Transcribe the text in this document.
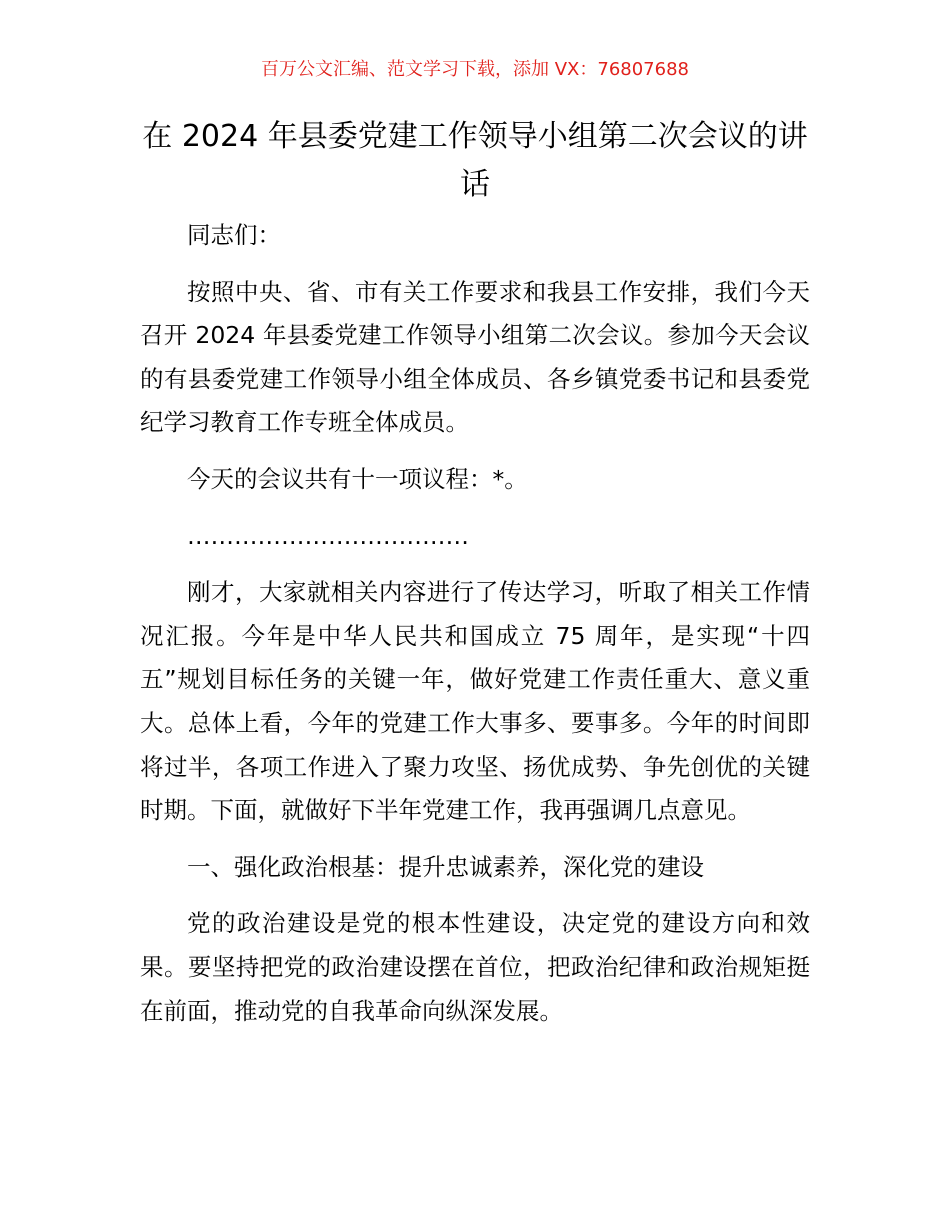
百万公文汇编、范文学习下载，添加 VX：76807688
在 2024 年县委党建工作领导小组第二次会议的讲话

同志们：

按照中央、省、市有关工作要求和我县工作安排，我们今天召开 2024 年县委党建工作领导小组第二次会议。参加今天会议的有县委党建工作领导小组全体成员、各乡镇党委书记和县委党纪学习教育工作专班全体成员。

今天的会议共有十一项议程：*。

………………………………

刚才，大家就相关内容进行了传达学习，听取了相关工作情况汇报。今年是中华人民共和国成立 75 周年，是实现“十四五”规划目标任务的关键一年，做好党建工作责任重大、意义重大。总体上看，今年的党建工作大事多、要事多。今年的时间即将过半，各项工作进入了聚力攻坚、扬优成势、争先创优的关键时期。下面，就做好下半年党建工作，我再强调几点意见。

一、强化政治根基：提升忠诚素养，深化党的建设

党的政治建设是党的根本性建设，决定党的建设方向和效果。要坚持把党的政治建设摆在首位，把政治纪律和政治规矩挺在前面，推动党的自我革命向纵深发展。
